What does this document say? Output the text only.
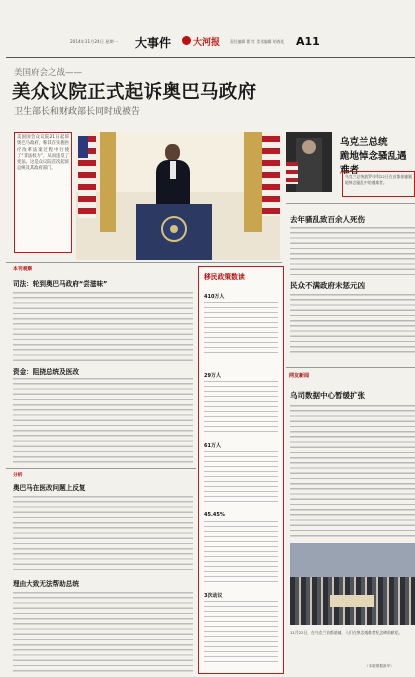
2014年11月24日 星期一 大事件 大河报	责任编辑 翟 红 美术编辑 胡春花 A11
美国府会之战——
美众议院正式起诉奥巴马政府
卫生部长和财政部长同时成被告
美国国会众议院21日起诉奥巴马政府，称其在实施医疗改革法案过程中行使了“非法权力”，从而违反了宪法。这是众议院首次起诉总统及其政府部门。
乌克兰总统
跪地悼念骚乱遇难者
乌克兰总统波罗申科22日在首都基辅跪地悼念骚乱中的遇难者。
去年骚乱致百余人死伤
民众不满政府未惩元凶
网友新闻
乌司数据中心暂缓扩张
11月22日，在乌克兰首都基辅，人们在悼念遇难者纪念碑前献花。
（本版图据新华）
本刊观察
司法：轮到奥巴马政府“尝滋味”
资金：阻挠总统及医改
分析
奥巴马在医改问题上反复
理由大致无法帮助总统
移民政策数读
410万人
29万人
61万人
45.45%
3次动议
